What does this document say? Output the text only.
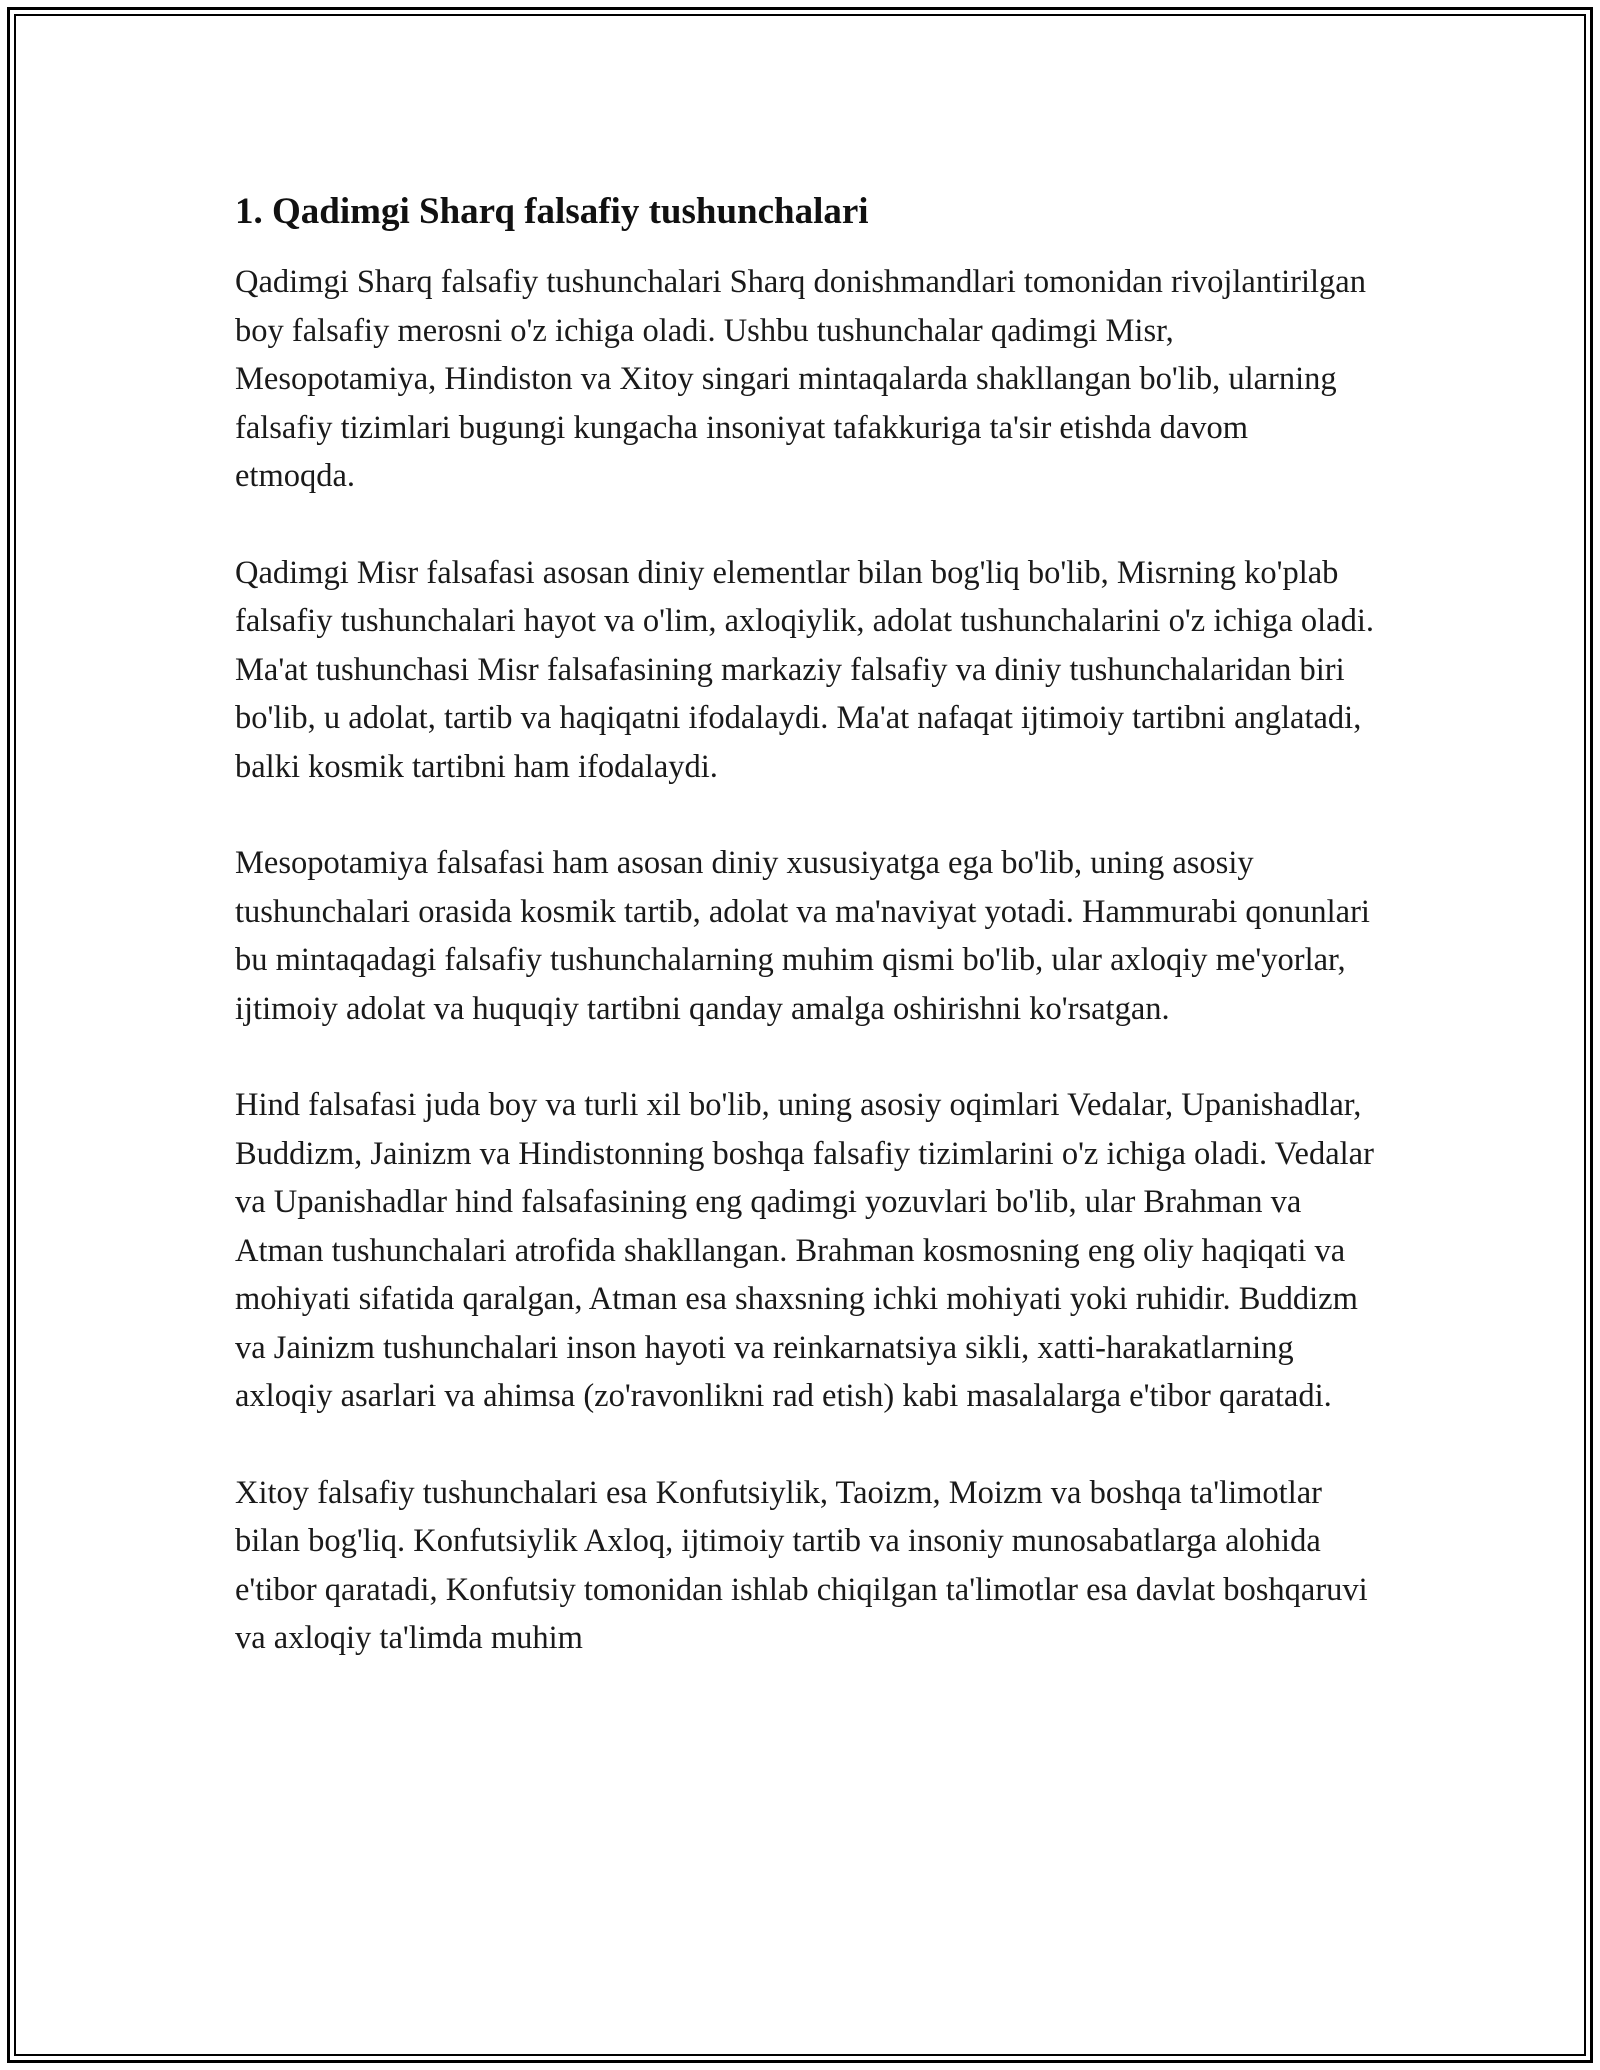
1. Qadimgi Sharq falsafiy tushunchalari

Qadimgi Sharq falsafiy tushunchalari Sharq donishmandlari tomonidan rivojlantirilgan boy falsafiy merosni o'z ichiga oladi. Ushbu tushunchalar qadimgi Misr, Mesopotamiya, Hindiston va Xitoy singari mintaqalarda shakllangan bo'lib, ularning falsafiy tizimlari bugungi kungacha insoniyat tafakkuriga ta'sir etishda davom etmoqda.

Qadimgi Misr falsafasi asosan diniy elementlar bilan bog'liq bo'lib, Misrning ko'plab falsafiy tushunchalari hayot va o'lim, axloqiylik, adolat tushunchalarini o'z ichiga oladi. Ma'at tushunchasi Misr falsafasining markaziy falsafiy va diniy tushunchalaridan biri bo'lib, u adolat, tartib va haqiqatni ifodalaydi. Ma'at nafaqat ijtimoiy tartibni anglatadi, balki kosmik tartibni ham ifodalaydi.

Mesopotamiya falsafasi ham asosan diniy xususiyatga ega bo'lib, uning asosiy tushunchalari orasida kosmik tartib, adolat va ma'naviyat yotadi. Hammurabi qonunlari bu mintaqadagi falsafiy tushunchalarning muhim qismi bo'lib, ular axloqiy me'yorlar, ijtimoiy adolat va huquqiy tartibni qanday amalga oshirishni ko'rsatgan.

Hind falsafasi juda boy va turli xil bo'lib, uning asosiy oqimlari Vedalar, Upanishadlar, Buddizm, Jainizm va Hindistonning boshqa falsafiy tizimlarini o'z ichiga oladi. Vedalar va Upanishadlar hind falsafasining eng qadimgi yozuvlari bo'lib, ular Brahman va Atman tushunchalari atrofida shakllangan. Brahman kosmosning eng oliy haqiqati va mohiyati sifatida qaralgan, Atman esa shaxsning ichki mohiyati yoki ruhidir. Buddizm va Jainizm tushunchalari inson hayoti va reinkarnatsiya sikli, xatti-harakatlarning axloqiy asarlari va ahimsa (zo'ravonlikni rad etish) kabi masalalarga e'tibor qaratadi.

Xitoy falsafiy tushunchalari esa Konfutsiylik, Taoizm, Moizm va boshqa ta'limotlar bilan bog'liq. Konfutsiylik Axloq, ijtimoiy tartib va insoniy munosabatlarga alohida e'tibor qaratadi, Konfutsiy tomonidan ishlab chiqilgan ta'limotlar esa davlat boshqaruvi va axloqiy ta'limda muhim
